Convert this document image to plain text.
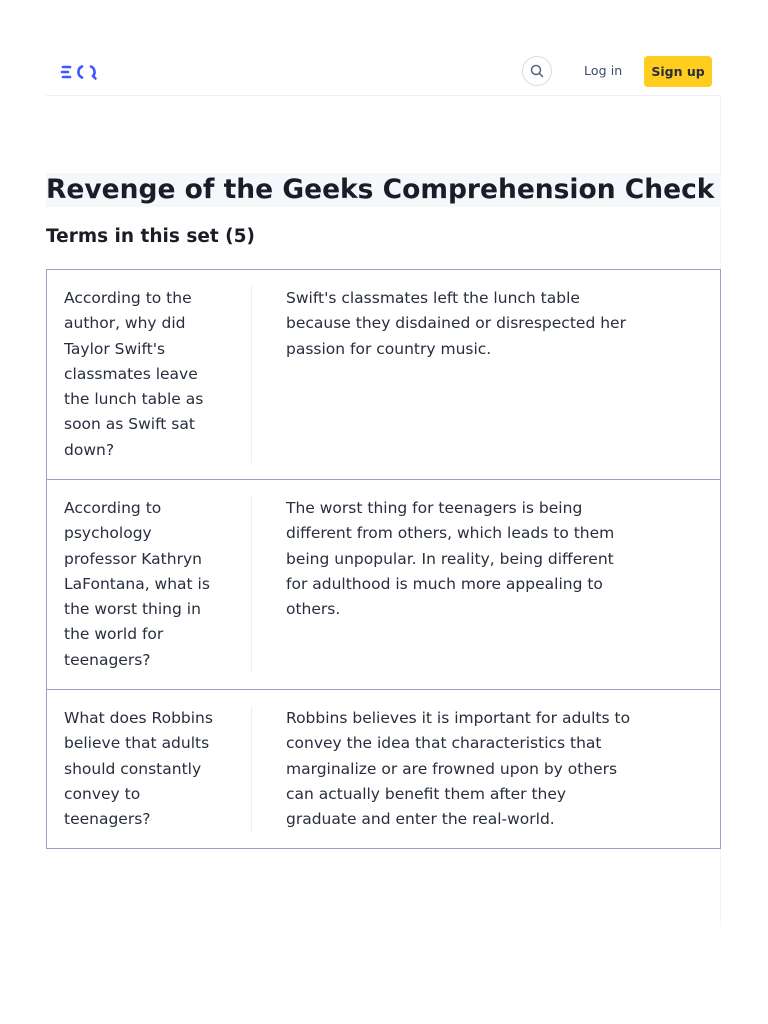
Log in	Sign up
Revenge of the Geeks Comprehension Check
Terms in this set (5)
According to the author, why did Taylor Swift's classmates leave the lunch table as soon as Swift sat down?
Swift's classmates left the lunch table because they disdained or disrespected her passion for country music.
According to psychology professor Kathryn LaFontana, what is the worst thing in the world for teenagers?
The worst thing for teenagers is being different from others, which leads to them being unpopular. In reality, being different for adulthood is much more appealing to others.
What does Robbins believe that adults should constantly convey to teenagers?
Robbins believes it is important for adults to convey the idea that characteristics that marginalize or are frowned upon by others can actually benefit them after they graduate and enter the real-world.
